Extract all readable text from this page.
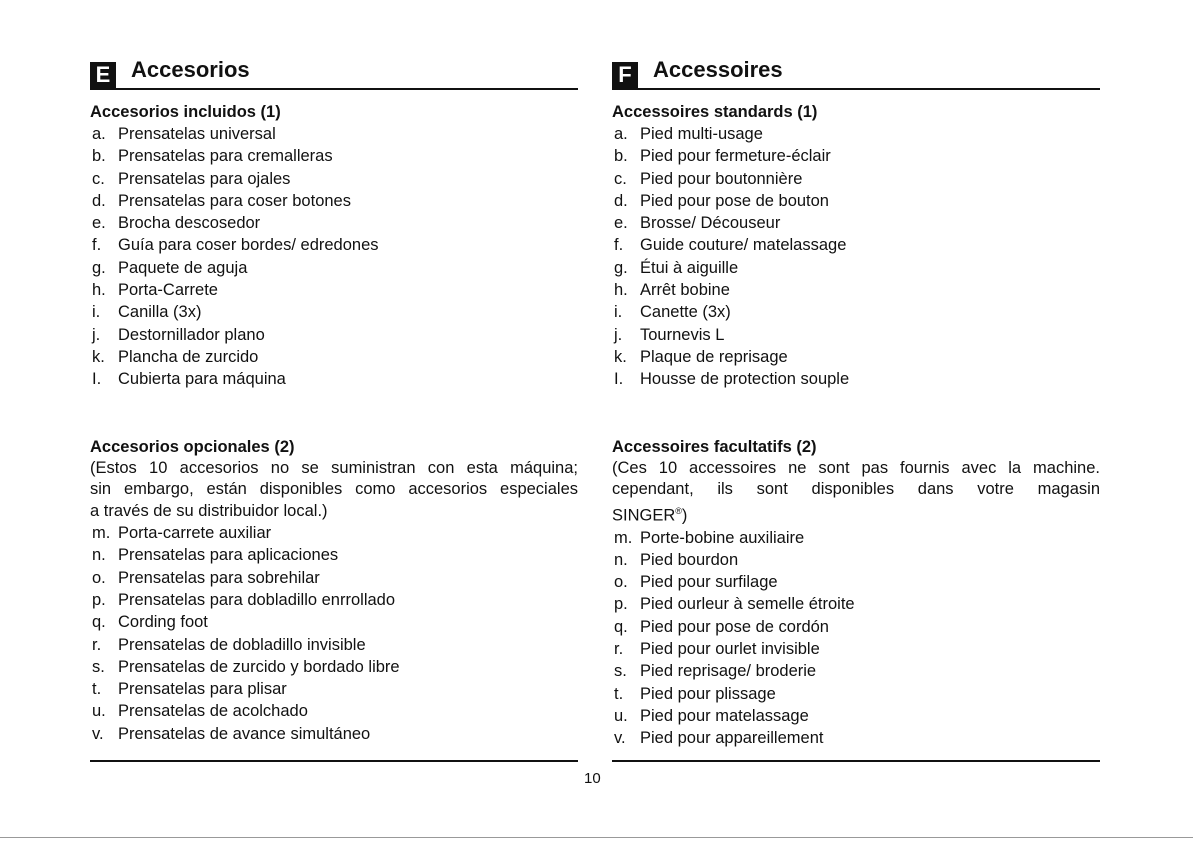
E Accesorios
Accesorios incluidos (1)
a. Prensatelas universal
b. Prensatelas para cremalleras
c. Prensatelas para ojales
d. Prensatelas para coser botones
e. Brocha descosedor
f.	Guía para coser bordes/ edredones
g. Paquete de aguja
h. Porta-Carrete
i.	Canilla (3x)
j.	Destornillador plano
k. Plancha de zurcido
I.	Cubierta para máquina
Accesorios opcionales (2)
(Estos 10 accesorios no se suministran con esta máquina;
sin embargo, están disponibles como accesorios especiales
a través de su distribuidor local.)
m. Porta-carrete auxiliar
n. Prensatelas para aplicaciones
o. Prensatelas para sobrehilar
p. Prensatelas para dobladillo enrrollado
q. Cording foot
r.	Prensatelas de dobladillo invisible
s. Prensatelas de zurcido y bordado libre
t.	Prensatelas para plisar
u. Prensatelas de acolchado
v. Prensatelas de avance simultáneo
F Accessoires
Accessoires standards (1)
a. Pied multi-usage
b. Pied pour fermeture-éclair
c. Pied pour boutonnière
d. Pied pour pose de bouton
e. Brosse/ Découseur
f.	Guide couture/ matelassage
g. Étui à aiguille
h. Arrêt bobine
i.	Canette (3x)
j.	Tournevis L
k. Plaque de reprisage
I.	Housse de protection souple
Accessoires facultatifs (2)
(Ces 10 accessoires ne sont pas fournis avec la machine.
cependant, ils sont disponibles dans votre magasin
SINGER®)
m. Porte-bobine auxiliaire
n. Pied bourdon
o. Pied pour surfilage
p. Pied ourleur à semelle étroite
q. Pied pour pose de cordón
r.	Pied pour ourlet invisible
s. Pied reprisage/ broderie
t.	Pied pour plissage
u. Pied pour matelassage
v. Pied pour appareillement
10
